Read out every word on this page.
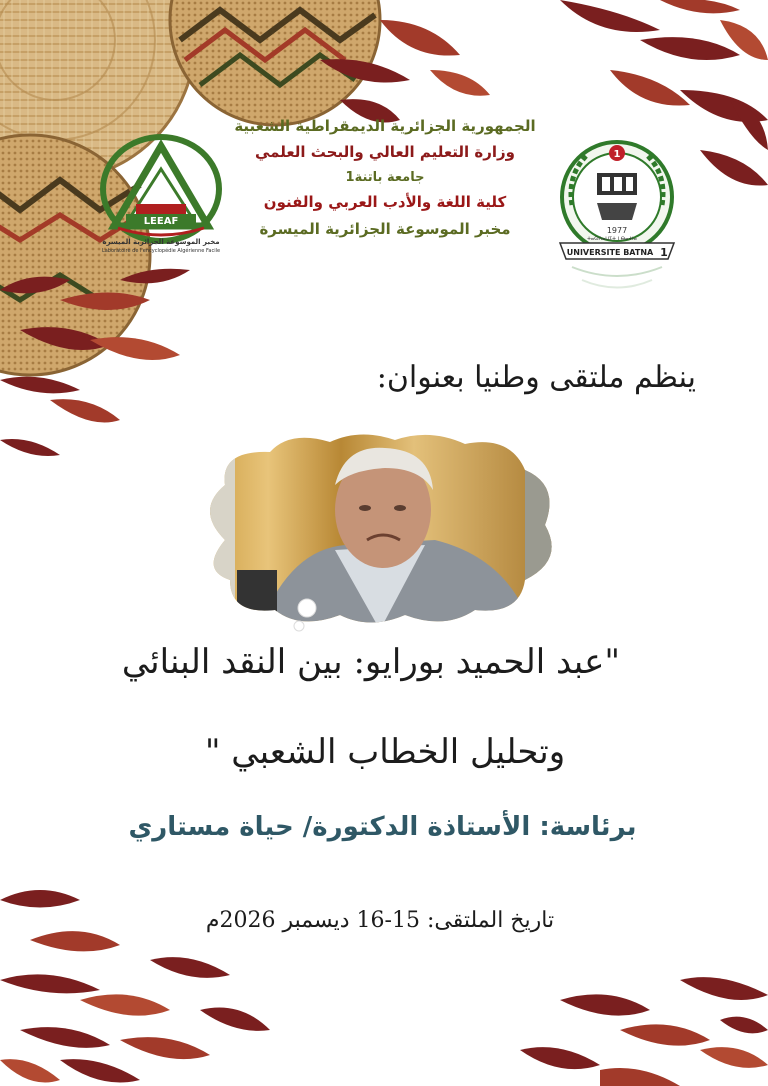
LEEAF
مخبر الموسوعة الجزائرية الميسرة
Laboratoire de l'encyclopédie Algérienne Facile
1
1977
UNIVERSITE BATNA 1
ⵜⴰⵙⴷⴰⵡⵉⵜ ⵏ ⴱⴰⵜⵏⴰ
الجمهورية الجزائرية الديمقراطية الشعبية
وزارة التعليم العالي والبحث العلمي
جامعة باتنة1
كلية اللغة والأدب العربي والفنون
مخبر الموسوعة الجزائرية الميسرة
ينظم ملتقى وطنيا بعنوان:
"عبد الحميد بورايو: بين النقد البنائي
وتحليل الخطاب الشعبي "
برئاسة: الأستاذة الدكتورة/ حياة مستاري
تاريخ الملتقى: 15-16 ديسمبر 2026م
